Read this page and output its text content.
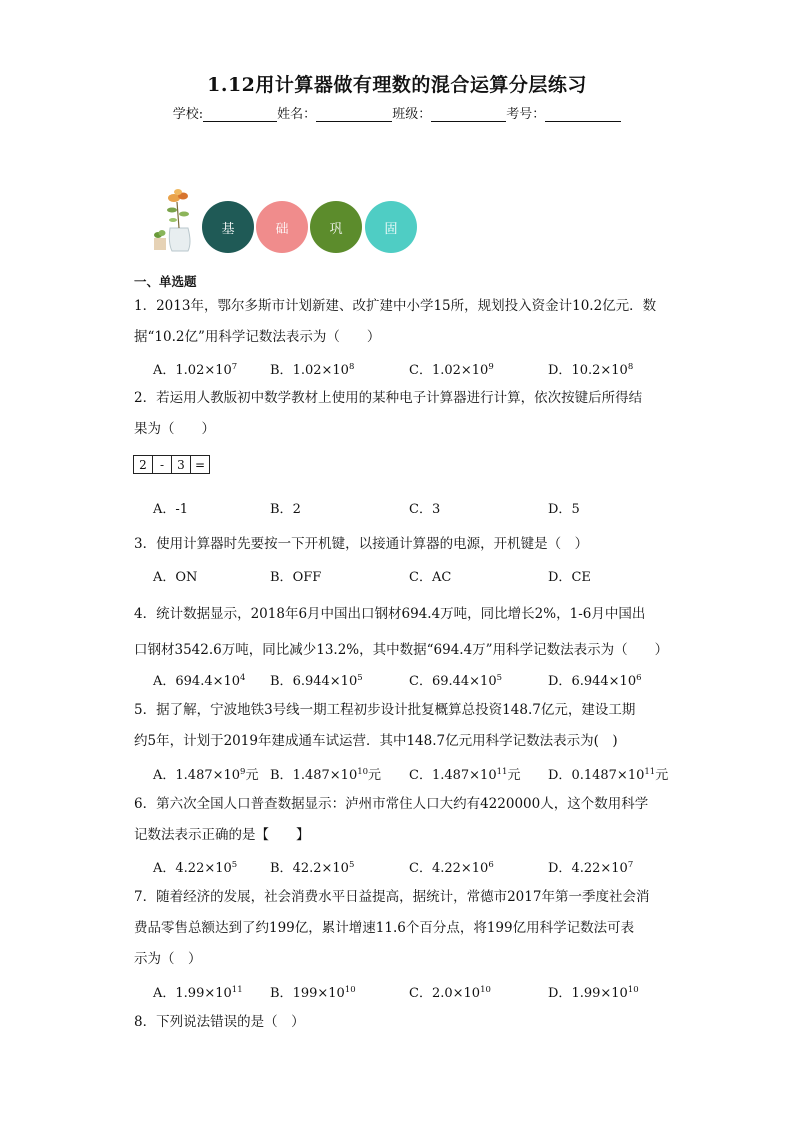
1.12用计算器做有理数的混合运算分层练习
学校:	姓名：	班级：	考号：
基	础	巩	固
一、单选题
1．2013年，鄂尔多斯市计划新建、改扩建中小学15所，规划投入资金计10.2亿元．数
据“10.2亿”用科学记数法表示为（　　）
A．$1.02\times 10^7$	B．$1.02\times 10^8$	C．$1.02\times 10^9$	D．$10.2\times 10^8$
2．若运用人教版初中数学教材上使用的某种电子计算器进行计算，依次按键后所得结
果为（　　）
2	-	3 =
A．-1	B．2	C．3	D．5
3．使用计算器时先要按一下开机键，以接通计算器的电源，开机键是（　）
A．ON	B．OFF	C．AC	D．CE
4．统计数据显示，2018年6月中国出口钢材694.4万吨，同比增长2%，1-6月中国出
口钢材3542.6万吨，同比减少13.2%，其中数据“694.4万”用科学记数法表示为（　　）
A．$694.4\times 10^4$ B．$6.944\times 10^5$	C．$69.44\times 10^5$	D．$6.944\times 10^6$
5．据了解，宁波地铁3号线一期工程初步设计批复概算总投资148.7亿元，建设工期
约5年，计划于2019年建成通车试运营．其中148.7亿元用科学记数法表示为(　)
A．$1.487\times 10^9$元 B．$1.487\times 10^{10}$元 C．$1.487\times 10^{11}$元 D．$0.1487\times 10^{11}$元
6．第六次全国人口普查数据显示：泸州市常住人口大约有4220000人，这个数用科学
记数法表示正确的是【　　】
A．$4.22\times 10^5$	B．$42.2\times 10^5$	C．$4.22\times 10^6$	D．$4.22\times 10^7$
7．随着经济的发展，社会消费水平日益提高，据统计，常德市2017年第一季度社会消
费品零售总额达到了约199亿，累计增速11.6个百分点，将199亿用科学记数法可表
示为（　）
A．$1.99\times 10^{11}$ B．$199\times 10^{10}$	C．$2.0\times 10^{10}$	D．$1.99\times 10^{10}$
8．下列说法错误的是（　）
